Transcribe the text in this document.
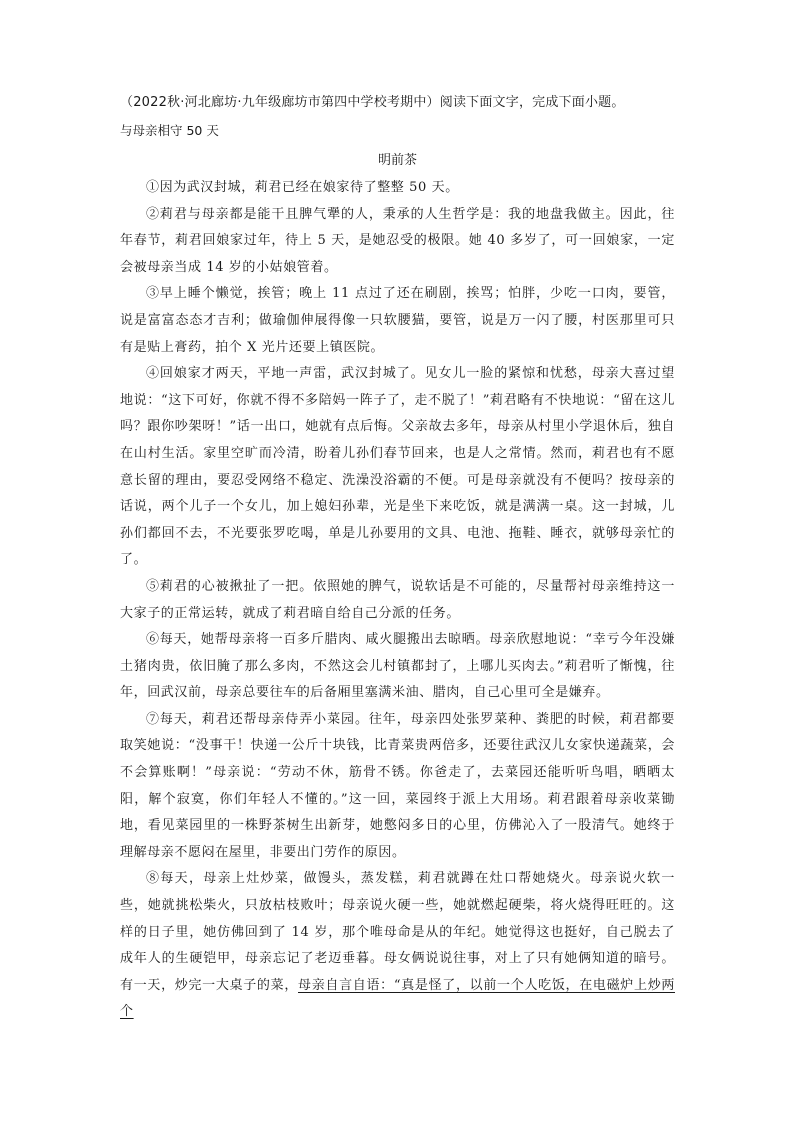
（2022秋·河北廊坊·九年级廊坊市第四中学校考期中）阅读下面文字，完成下面小题。
与母亲相守 50 天
明前茶

①因为武汉封城，莉君已经在娘家待了整整 50 天。

②莉君与母亲都是能干且脾气犟的人，秉承的人生哲学是：我的地盘我做主。因此，往年春节，莉君回娘家过年，待上 5 天，是她忍受的极限。她 40 多岁了，可一回娘家，一定会被母亲当成 14 岁的小姑娘管着。

③早上睡个懒觉，挨管；晚上 11 点过了还在刷剧，挨骂；怕胖，少吃一口肉，要管，说是富富态态才吉利；做瑜伽伸展得像一只软腰猫，要管，说是万一闪了腰，村医那里可只有是贴上膏药，拍个 X 光片还要上镇医院。

④回娘家才两天，平地一声雷，武汉封城了。见女儿一脸的紧惊和忧愁，母亲大喜过望地说：“这下可好，你就不得不多陪妈一阵子了，走不脱了！”莉君略有不快地说：“留在这儿吗？跟你吵架呀！”话一出口，她就有点后悔。父亲故去多年，母亲从村里小学退休后，独自在山村生活。家里空旷而冷清，盼着儿孙们春节回来，也是人之常情。然而，莉君也有不愿意长留的理由，要忍受网络不稳定、洗澡没浴霸的不便。可是母亲就没有不便吗？按母亲的话说，两个儿子一个女儿，加上媳妇孙辈，光是坐下来吃饭，就是满满一桌。这一封城，儿孙们都回不去，不光要张罗吃喝，单是儿孙要用的文具、电池、拖鞋、睡衣，就够母亲忙的了。

⑤莉君的心被揪扯了一把。依照她的脾气，说软话是不可能的，尽量帮衬母亲维持这一大家子的正常运转，就成了莉君暗自给自己分派的任务。

⑥每天，她帮母亲将一百多斤腊肉、咸火腿搬出去晾晒。母亲欣慰地说：“幸亏今年没嫌土猪肉贵，依旧腌了那么多肉，不然这会儿村镇都封了，上哪儿买肉去。”莉君听了惭愧，往年，回武汉前，母亲总要往车的后备厢里塞满米油、腊肉，自己心里可全是嫌弃。

⑦每天，莉君还帮母亲侍弄小菜园。往年，母亲四处张罗菜种、粪肥的时候，莉君都要取笑她说：“没事干！快递一公斤十块钱，比青菜贵两倍多，还要往武汉儿女家快递蔬菜，会不会算账啊！”母亲说：“劳动不休，筋骨不锈。你爸走了，去菜园还能听听鸟唱，晒晒太阳，解个寂寞，你们年轻人不懂的。”这一回，菜园终于派上大用场。莉君跟着母亲收菜锄地，看见菜园里的一株野茶树生出新芽，她憋闷多日的心里，仿佛沁入了一股清气。她终于理解母亲不愿闷在屋里，非要出门劳作的原因。

⑧每天，母亲上灶炒菜，做馒头，蒸发糕，莉君就蹲在灶口帮她烧火。母亲说火软一些，她就挑松柴火，只放枯枝败叶；母亲说火硬一些，她就燃起硬柴，将火烧得旺旺的。这样的日子里，她仿佛回到了 14 岁，那个唯母命是从的年纪。她觉得这也挺好，自己脱去了成年人的生硬铠甲，母亲忘记了老迈垂暮。母女俩说说往事，对上了只有她俩知道的暗号。有一天，炒完一大桌子的菜，母亲自言自语：“真是怪了，以前一个人吃饭，在电磁炉上炒两个
